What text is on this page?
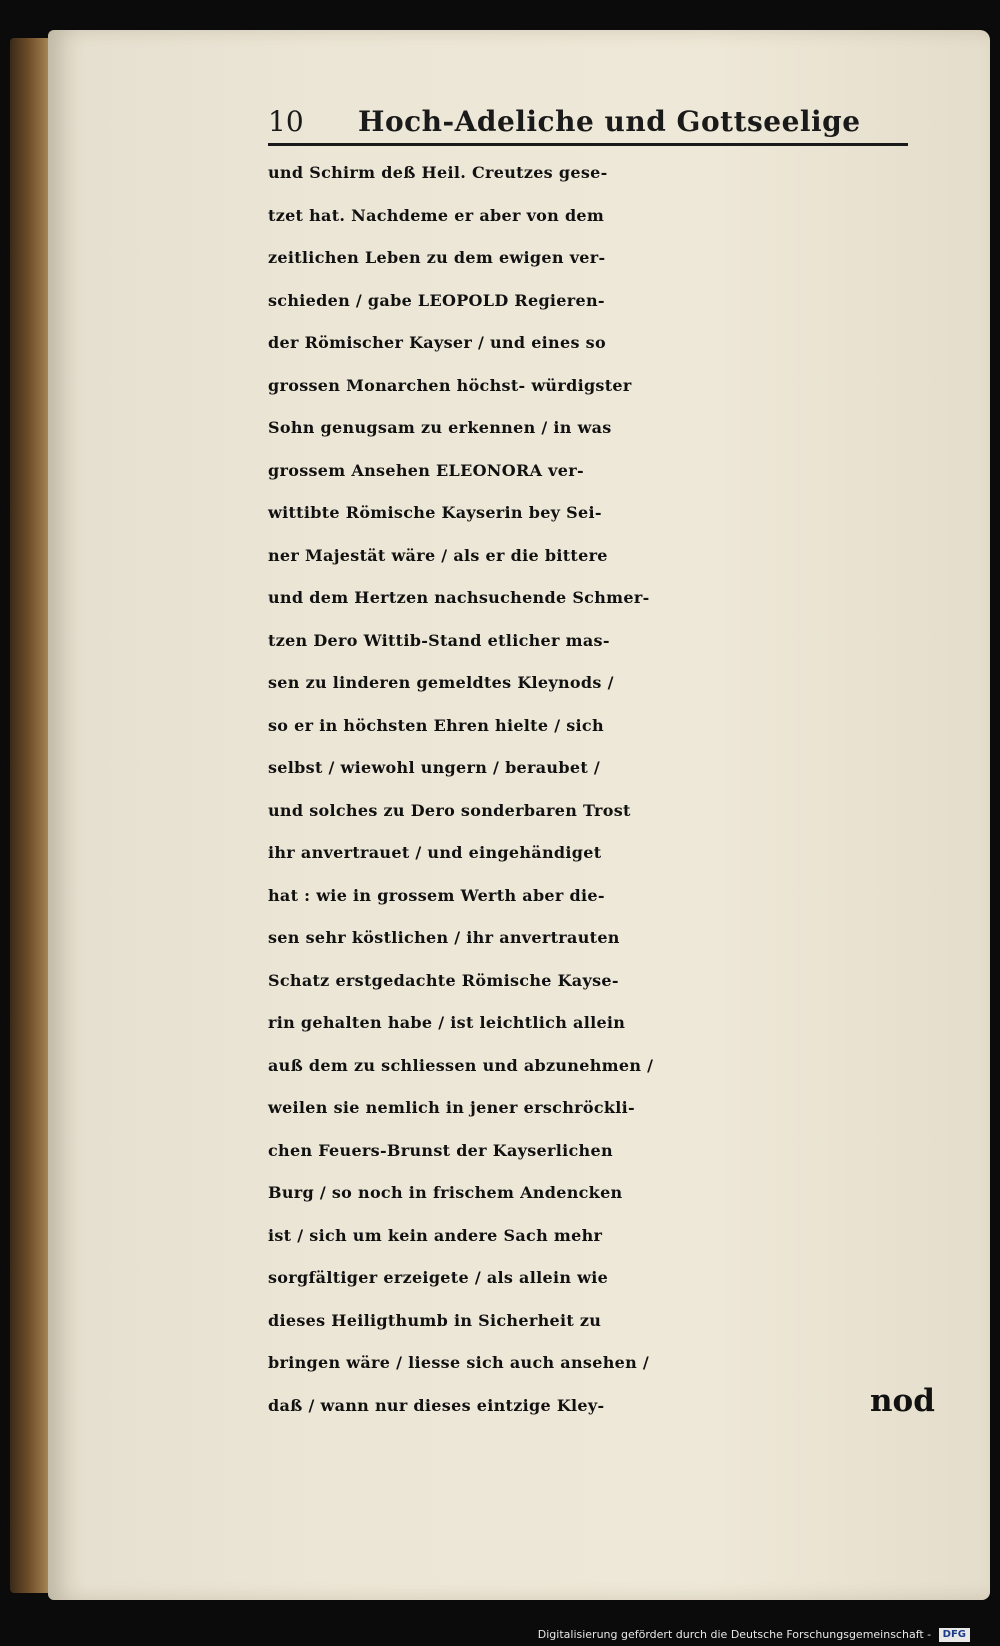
10 Hoch-Adeliche und Gottseelige
und Schirm deß Heil. Creutzes gese-
tzet hat. Nachdeme er aber von dem
zeitlichen Leben zu dem ewigen ver-
schieden / gabe LEOPOLD Regieren-
der Römischer Kayser / und eines so
grossen Monarchen höchst- würdigster
Sohn genugsam zu erkennen / in was
grossem Ansehen ELEONORA ver-
wittibte Römische Kayserin bey Sei-
ner Majestät wäre / als er die bittere
und dem Hertzen nachsuchende Schmer-
tzen Dero Wittib-Stand etlicher mas-
sen zu linderen gemeldtes Kleynods /
so er in höchsten Ehren hielte / sich
selbst / wiewohl ungern / beraubet /
und solches zu Dero sonderbaren Trost
ihr anvertrauet / und eingehändiget
hat : wie in grossem Werth aber die-
sen sehr köstlichen / ihr anvertrauten
Schatz erstgedachte Römische Kayse-
rin gehalten habe / ist leichtlich allein
auß dem zu schliessen und abzunehmen /
weilen sie nemlich in jener erschröckli-
chen Feuers-Brunst der Kayserlichen
Burg / so noch in frischem Andencken
ist / sich um kein andere Sach mehr
sorgfältiger erzeigete / als allein wie
dieses Heiligthumb in Sicherheit zu
bringen wäre / liesse sich auch ansehen /
daß / wann nur dieses eintzige Kley-	nod
Digitalisierung gefördert durch die Deutsche Forschungsgemeinschaft - DFG
